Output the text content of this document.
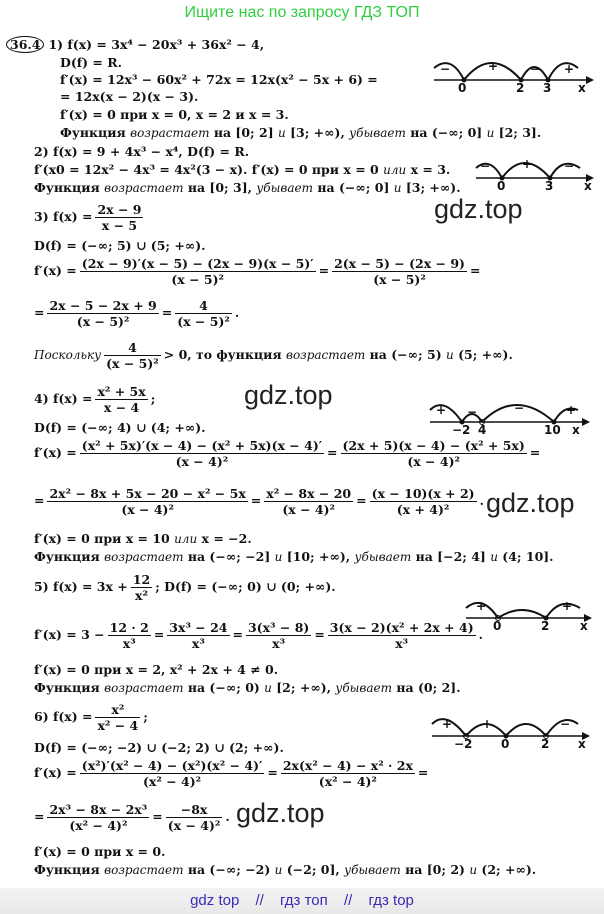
Ищите нас по запросу ГДЗ ТОП
36.4 1) f(x) = 3x⁴ − 20x³ + 36x² − 4,
D(f) = R.
f′(x) = 12x³ − 60x² + 72x = 12x(x² − 5x + 6) =
= 12x(x − 2)(x − 3).
f′(x) = 0 при x = 0, x = 2 и x = 3.
Функция возрастает на [0; 2] и [3; +∞), убывает на (−∞; 0] и [2; 3].
−	+	− +
0	2 3 x
2) f(x) = 9 + 4x³ − x⁴, D(f) = R.
f′(x0 = 12x² − 4x³ = 4x²(3 − x). f′(x) = 0 при x = 0 или x = 3.
Функция возрастает на [0; 3], убывает на (−∞; 0] и [3; +∞).
−	+	−
0	3	x
gdz.top
3) $f(x) = \frac{2x - 9}{x - 5}$
D(f) = (−∞; 5) ∪ (5; +∞).
$f'(x) = \frac{(2x - 9)'(x - 5) - (2x - 9)(x - 5)'}{\text{(x − 5)²}} = \frac{2(x - 5) - (2x - 9)}{\text{(x − 5)²}}$ =
= $\frac{2x - 5 - 2x + 9}{\text{(x − 5)²}} = \frac{4}{\text{(x − 5)²}}$ .
Поскольку $\frac{4}{\text{(x − 5)²}} > 0$, то функция возрастает на (−∞; 5) и (5; +∞).
gdz.top
4) $f(x) = \frac{\text{x² + 5x}}{x - 4}$ ;
D(f) = (−∞; 4) ∪ (4; +∞).
+ −	−	+
−2 4	10 x
$f'(x) = \frac{\text{(x² + 5x)′(x − 4) − (x² + 5x)(x − 4)′}}{\text{(x − 4)²}} = \frac{\text{(2x + 5)(x − 4) − (x² + 5x)}}{\text{(x − 4)²}}$ =
= $\frac{\text{2x² − 8x + 5x − 20 − x² − 5x}}{\text{(x − 4)²}} = \frac{\text{x² − 8x − 20}}{\text{(x − 4)²}} = \frac{(x - 10)(x + 2)}{\text{(x + 4)²}}$ . gdz.top
f′(x) = 0 при x = 10 или x = −2.
Функция возрастает на (−∞; −2] и [10; +∞), убывает на [−2; 4] и (4; 10].
5) $f(x) = 3x + \frac{12}{\text{x²}}$ ; D(f) = (−∞; 0) ∪ (0; +∞).
+	−	+
0	2	x
$f'(x) = 3 - \frac{12 \cdot 2}{\text{x³}} = \frac{\text{3x³ − 24}}{\text{x³}} = \frac{\text{3(x³ − 8)}}{\text{x³}} = \frac{\text{3(x − 2)(x² + 2x + 4)}}{\text{x³}}$ .
f′(x) = 0 при x = 2, x² + 2x + 4 ≠ 0.
Функция возрастает на (−∞; 0) и [2; +∞), убывает на (0; 2].
6) $f(x) = \frac{\text{x²}}{\text{x² − 4}}$ ;	+ + − −
−2 0	2 x
D(f) = (−∞; −2) ∪ (−2; 2) ∪ (2; +∞).
$f'(x) = \frac{\text{(x²)′(x² − 4) − (x²)(x² − 4)′}}{\text{(x² − 4)²}} = \frac{\text{2x(x² − 4) − x² · 2x}}{\text{(x² − 4)²}}$ =
= $\frac{\text{2x³ − 8x − 2x³}}{\text{(x² − 4)²}} = \frac{-8x}{\text{(x − 4)²}}$ . gdz.top
f′(x) = 0 при x = 0.
Функция возрастает на (−∞; −2) и (−2; 0], убывает на [0; 2) и (2; +∞).
gdz top // гдз топ // гдз top
